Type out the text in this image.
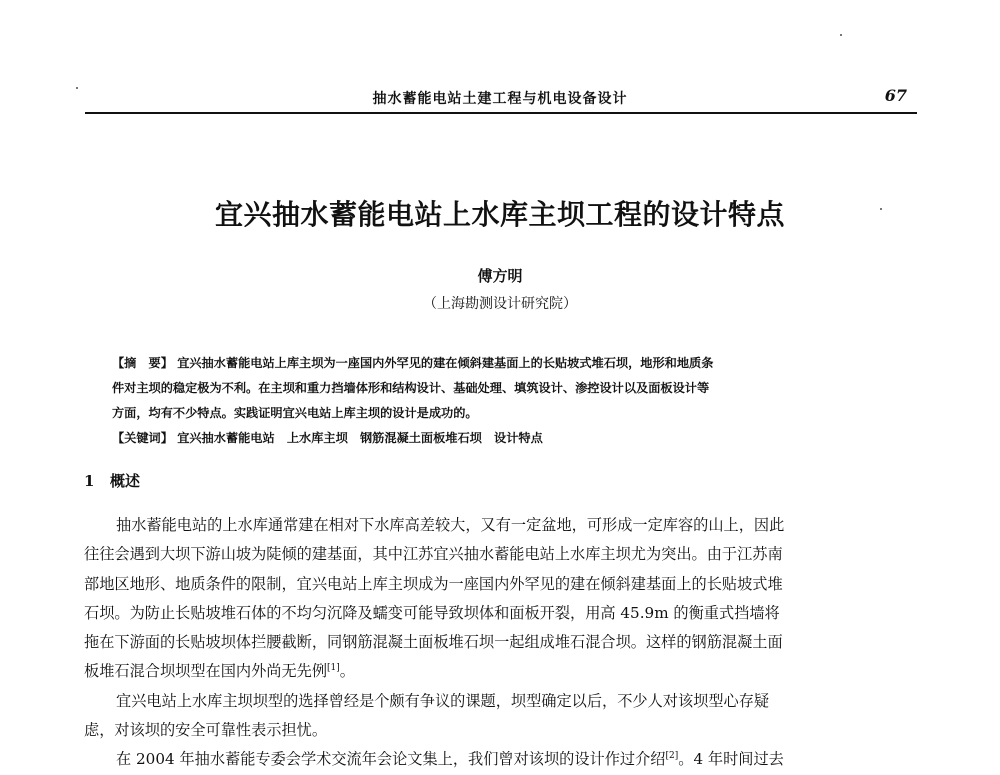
抽水蓄能电站土建工程与机电设备设计	67
宜兴抽水蓄能电站上水库主坝工程的设计特点
傅方明
（上海勘测设计研究院）
【摘　要】 宜兴抽水蓄能电站上库主坝为一座国内外罕见的建在倾斜建基面上的长贴坡式堆石坝，地形和地质条
件对主坝的稳定极为不利。在主坝和重力挡墙体形和结构设计、基础处理、填筑设计、渗控设计以及面板设计等
方面，均有不少特点。实践证明宜兴电站上库主坝的设计是成功的。
【关键词】 宜兴抽水蓄能电站　上水库主坝　钢筋混凝土面板堆石坝　设计特点
1 概述
抽水蓄能电站的上水库通常建在相对下水库高差较大，又有一定盆地，可形成一定库容的山上，因此
往往会遇到大坝下游山坡为陡倾的建基面，其中江苏宜兴抽水蓄能电站上水库主坝尤为突出。由于江苏南
部地区地形、地质条件的限制，宜兴电站上库主坝成为一座国内外罕见的建在倾斜建基面上的长贴坡式堆
石坝。为防止长贴坡堆石体的不均匀沉降及蠕变可能导致坝体和面板开裂，用高 45.9m 的衡重式挡墙将
拖在下游面的长贴坡坝体拦腰截断，同钢筋混凝土面板堆石坝一起组成堆石混合坝。这样的钢筋混凝土面
板堆石混合坝坝型在国内外尚无先例[1]。
宜兴电站上水库主坝坝型的选择曾经是个颇有争议的课题，坝型确定以后，不少人对该坝型心存疑
虑，对该坝的安全可靠性表示担忧。
在 2004 年抽水蓄能专委会学术交流年会论文集上，我们曾对该坝的设计作过介绍[2]。4 年时间过去
